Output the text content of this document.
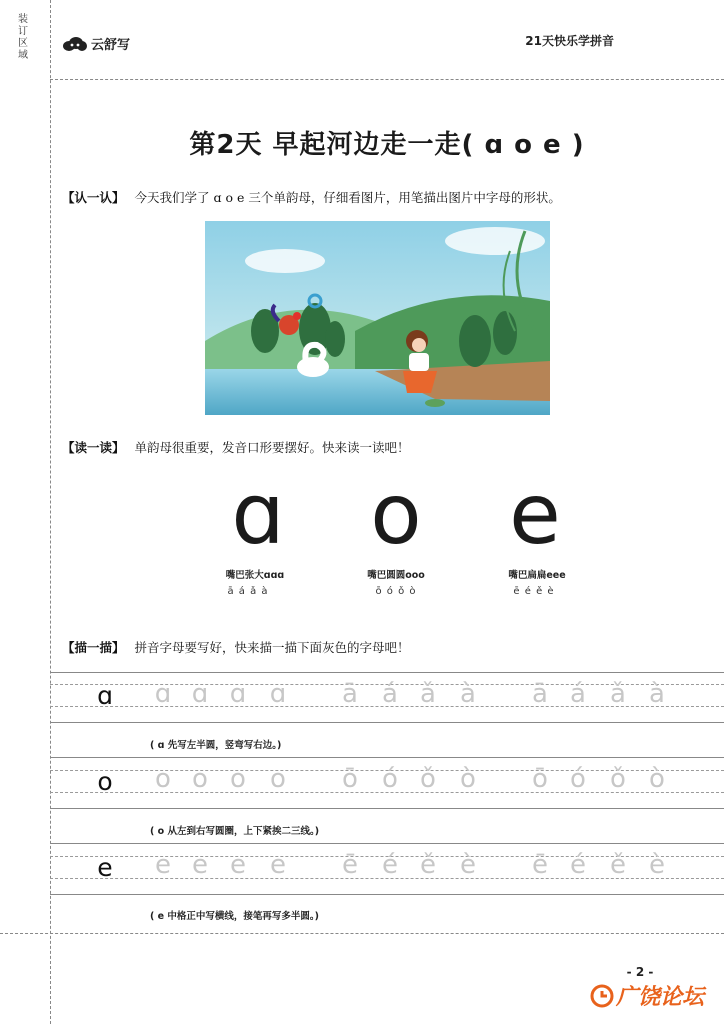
装订区域
云舒写	21天快乐学拼音
第2天 早起河边走一走( ɑ o e )
【认一认】 今天我们学了 ɑ o e 三个单韵母，仔细看图片，用笔描出图片中字母的形状。
【读一读】 单韵母很重要，发音口形要摆好。快来读一读吧！
ɑ	o	e
嘴巴张大ɑɑɑ	嘴巴圆圆ooo	嘴巴扁扁eee
ā á ǎ à	ō ó ǒ ò	ē é ě è
【描一描】 拼音字母要写好，快来描一描下面灰色的字母吧！
ɑ	ɑ ɑ ɑ ɑ	ā á ǎ à	ā á ǎ à
( ɑ 先写左半圆，竖弯写右边。)
o	o o o o	ō ó ǒ ò	ō ó ǒ ò
( o 从左到右写圆圈，上下紧挨二三线。)
e	e e e e	ē é ě è	ē é ě è
( e 中格正中写横线，接笔再写多半圆。)
- 2 -
广饶论坛
